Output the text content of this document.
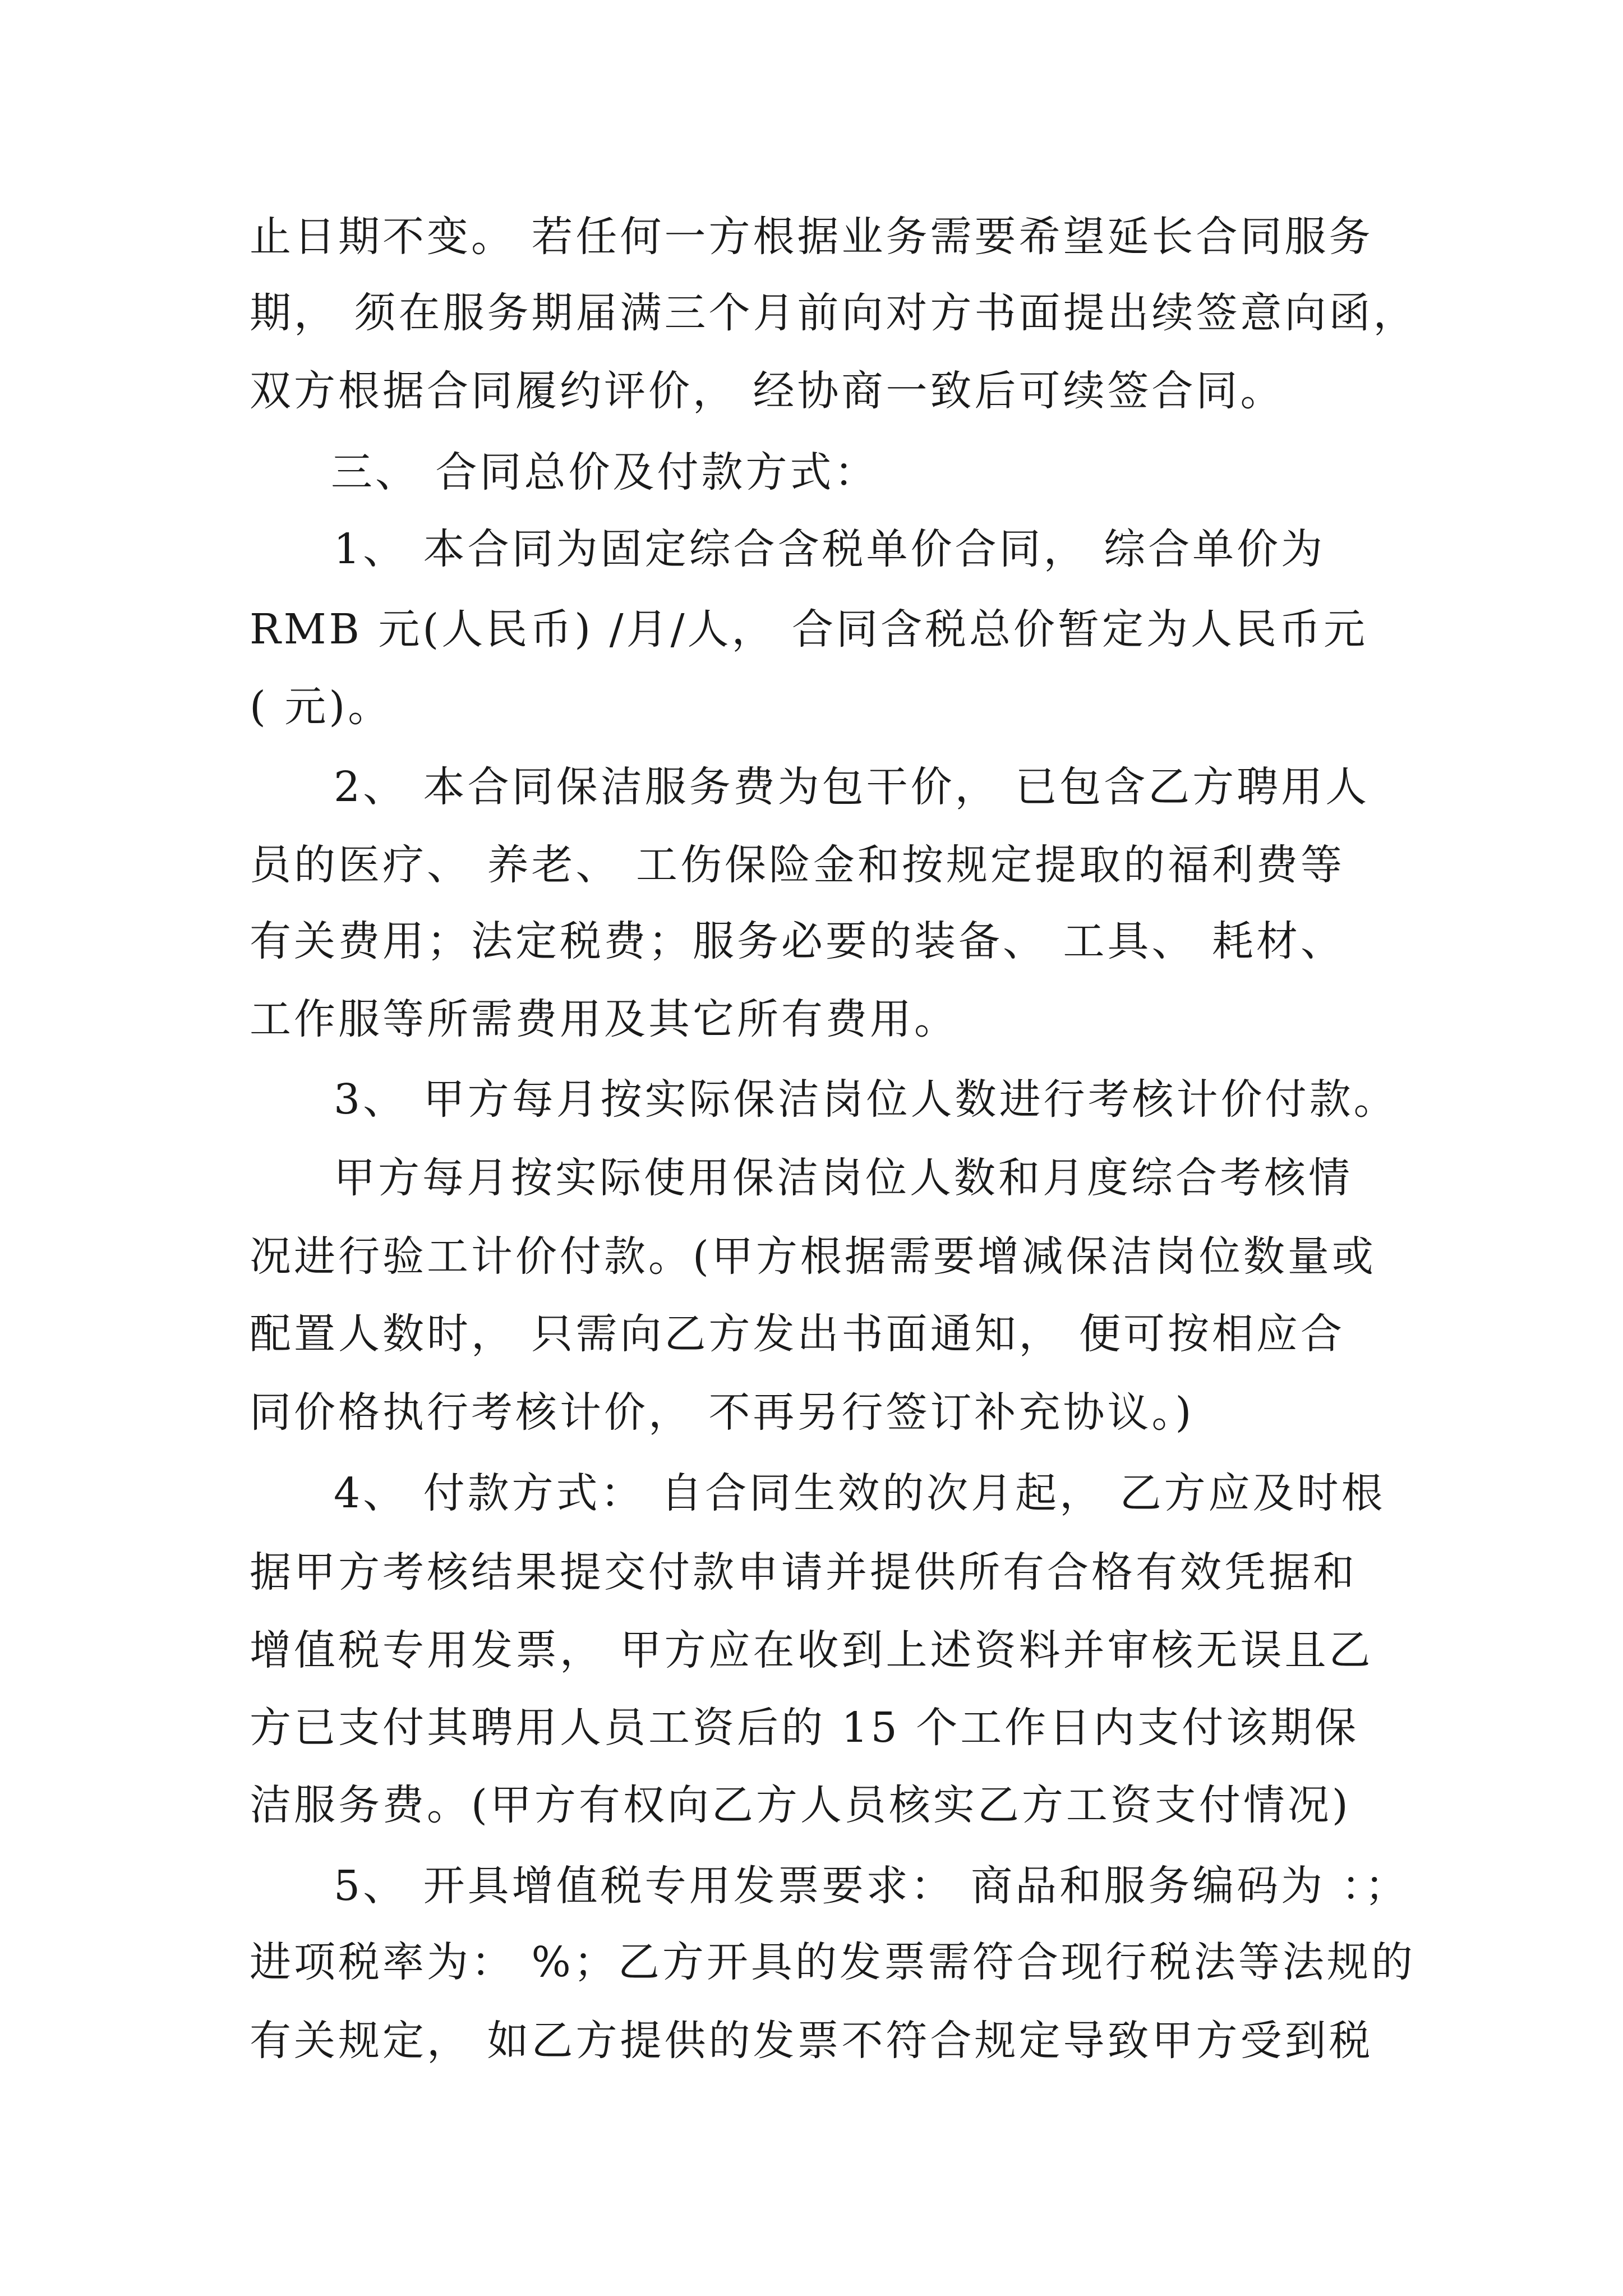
止日期不变。 若任何一方根据业务需要希望延长合同服务
期， 须在服务期届满三个月前向对方书面提出续签意向函，
双方根据合同履约评价， 经协商一致后可续签合同。
三、 合同总价及付款方式：
1、 本合同为固定综合含税单价合同， 综合单价为
RMB 元(人民币) /月/人， 合同含税总价暂定为人民币元
( 元)。
2、 本合同保洁服务费为包干价， 已包含乙方聘用人
员的医疗、 养老、 工伤保险金和按规定提取的福利费等
有关费用；法定税费；服务必要的装备、 工具、 耗材、
工作服等所需费用及其它所有费用。
3、 甲方每月按实际保洁岗位人数进行考核计价付款。
甲方每月按实际使用保洁岗位人数和月度综合考核情
况进行验工计价付款。(甲方根据需要增减保洁岗位数量或
配置人数时， 只需向乙方发出书面通知， 便可按相应合
同价格执行考核计价， 不再另行签订补充协议。)
4、 付款方式： 自合同生效的次月起， 乙方应及时根
据甲方考核结果提交付款申请并提供所有合格有效凭据和
增值税专用发票， 甲方应在收到上述资料并审核无误且乙
方已支付其聘用人员工资后的 15 个工作日内支付该期保
洁服务费。(甲方有权向乙方人员核实乙方工资支付情况)
5、 开具增值税专用发票要求： 商品和服务编码为 ：；
进项税率为： %；乙方开具的发票需符合现行税法等法规的
有关规定， 如乙方提供的发票不符合规定导致甲方受到税
